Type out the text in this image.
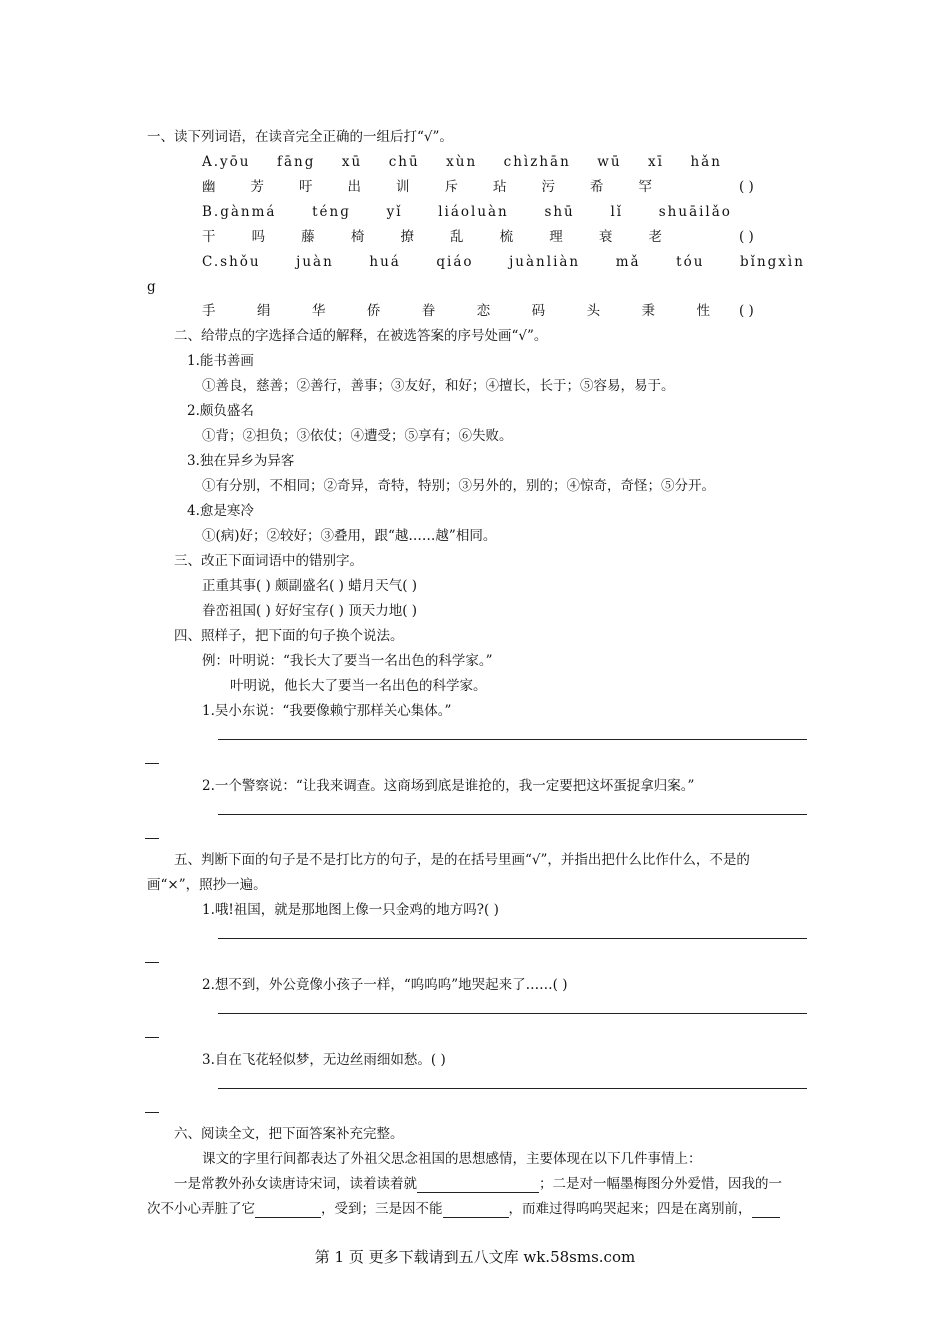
一、读下列词语，在读音完全正确的一组后打“√”。
A.yōu fāng xū chū xùn chìzhān wū xī hǎn
幽	芳	吁	出	训	斥	玷	污	希	罕	( )
B.gànmá	ténɡ	yǐ	liáoluàn	shū	lǐ	shuāilǎo
干	吗	藤	椅	撩	乱	梳	理	衰	老	( )
C.shǒu	juàn	huá	qiáo	juànliàn	mǎ	tóu	bǐngxìn
g
手	绢	华	侨	眷	恋	码	头	秉	性 ( )
二、给带点的字选择合适的解释，在被选答案的序号处画“√”。
1.能书善画
①善良，慈善；②善行，善事；③友好，和好；④擅长，长于；⑤容易，易于。
2.颇负盛名
①背；②担负；③依仗；④遭受；⑤享有；⑥失败。
3.独在异乡为异客
①有分别，不相同；②奇异，奇特，特别；③另外的，别的；④惊奇，奇怪；⑤分开。
4.愈是寒冷
①(病)好；②较好；③叠用，跟“越……越”相同。
三、改正下面词语中的错别字。
正重其事( ) 颇副盛名( ) 蜡月天气( )
眷峦祖国( ) 好好宝存( ) 顶天力地( )
四、照样子，把下面的句子换个说法。
例：叶明说：“我长大了要当一名出色的科学家。”
叶明说，他长大了要当一名出色的科学家。
1.吴小东说：“我要像赖宁那样关心集体。”
2.一个警察说：“让我来调查。这商场到底是谁抢的，我一定要把这坏蛋捉拿归案。”
五、判断下面的句子是不是打比方的句子，是的在括号里画“√”，并指出把什么比作什么，不是的
画“×”，照抄一遍。
1.哦!祖国，就是那地图上像一只金鸡的地方吗?( )
2.想不到，外公竟像小孩子一样，“呜呜呜”地哭起来了……( )
3.自在飞花轻似梦，无边丝雨细如愁。( )
六、阅读全文，把下面答案补充完整。
课文的字里行间都表达了外祖父思念祖国的思想感情，主要体现在以下几件事情上：
一是常教外孙女读唐诗宋词，读着读着就	；二是对一幅墨梅图分外爱惜，因我的一
次不小心弄脏了它	，受到；三是因不能	，而难过得呜呜哭起来；四是在离别前，
第 1 页 更多下载请到五八文库 wk.58sms.com
